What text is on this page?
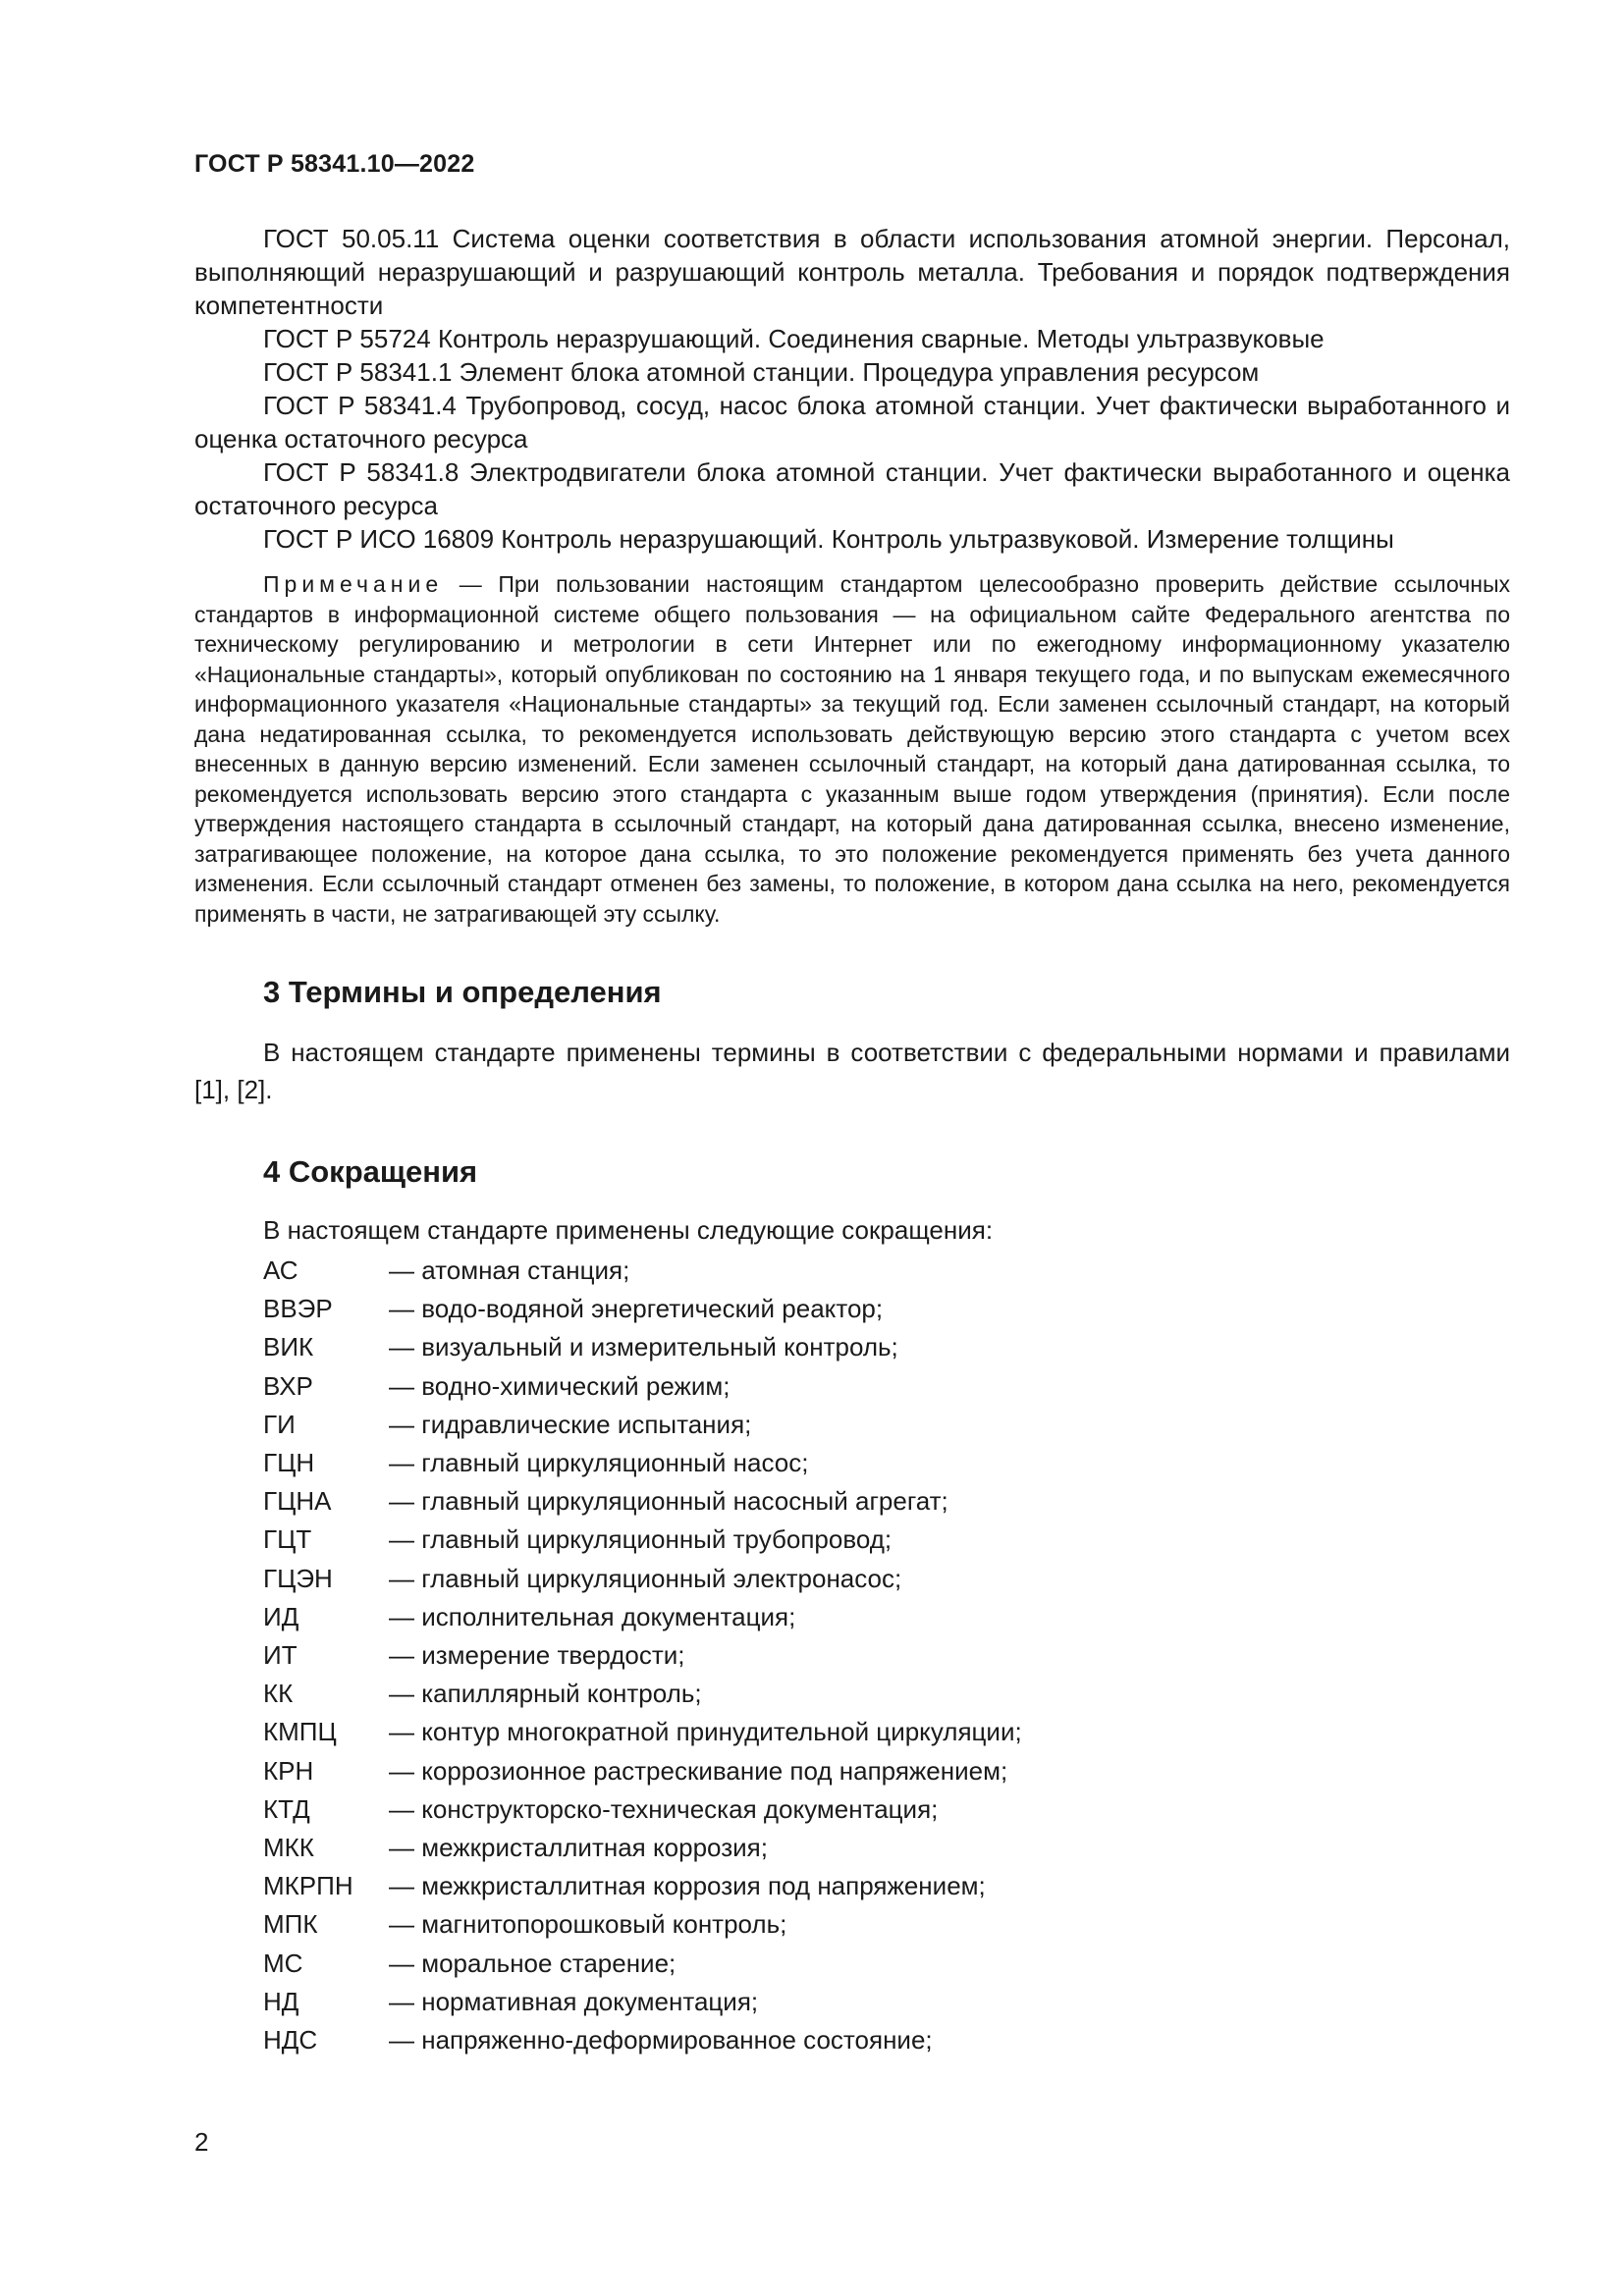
ГОСТ Р 58341.10—2022

ГОСТ 50.05.11 Система оценки соответствия в области использования атомной энергии. Персонал, выполняющий неразрушающий и разрушающий контроль металла. Требования и порядок подтверждения компетентности

ГОСТ Р 55724 Контроль неразрушающий. Соединения сварные. Методы ультразвуковые

ГОСТ Р 58341.1 Элемент блока атомной станции. Процедура управления ресурсом

ГОСТ Р 58341.4 Трубопровод, сосуд, насос блока атомной станции. Учет фактически выработанного и оценка остаточного ресурса

ГОСТ Р 58341.8 Электродвигатели блока атомной станции. Учет фактически выработанного и оценка остаточного ресурса

ГОСТ Р ИСО 16809 Контроль неразрушающий. Контроль ультразвуковой. Измерение толщины

Примечание — При пользовании настоящим стандартом целесообразно проверить действие ссылочных стандартов в информационной системе общего пользования — на официальном сайте Федерального агентства по техническому регулированию и метрологии в сети Интернет или по ежегодному информационному указателю «Национальные стандарты», который опубликован по состоянию на 1 января текущего года, и по выпускам ежемесячного информационного указателя «Национальные стандарты» за текущий год. Если заменен ссылочный стандарт, на который дана недатированная ссылка, то рекомендуется использовать действующую версию этого стандарта с учетом всех внесенных в данную версию изменений. Если заменен ссылочный стандарт, на который дана датированная ссылка, то рекомендуется использовать версию этого стандарта с указанным выше годом утверждения (принятия). Если после утверждения настоящего стандарта в ссылочный стандарт, на который дана датированная ссылка, внесено изменение, затрагивающее положение, на которое дана ссылка, то это положение рекомендуется применять без учета данного изменения. Если ссылочный стандарт отменен без замены, то положение, в котором дана ссылка на него, рекомендуется применять в части, не затрагивающей эту ссылку.

3 Термины и определения

В настоящем стандарте применены термины в соответствии с федеральными нормами и правилами [1], [2].

4 Сокращения

В настоящем стандарте применены следующие сокращения:

АС	— атомная станция;
ВВЭР	— водо-водяной энергетический реактор;
ВИК	— визуальный и измерительный контроль;
ВХР	— водно-химический режим;
ГИ	— гидравлические испытания;
ГЦН	— главный циркуляционный насос;
ГЦНА	— главный циркуляционный насосный агрегат;
ГЦТ	— главный циркуляционный трубопровод;
ГЦЭН	— главный циркуляционный электронасос;
ИД	— исполнительная документация;
ИТ	— измерение твердости;
КК	— капиллярный контроль;
КМПЦ	— контур многократной принудительной циркуляции;
КРН	— коррозионное растрескивание под напряжением;
КТД	— конструкторско-техническая документация;
МКК	— межкристаллитная коррозия;
МКРПН	— межкристаллитная коррозия под напряжением;
МПК	— магнитопорошковый контроль;
МС	— моральное старение;
НД	— нормативная документация;
НДС	— напряженно-деформированное состояние;
2
